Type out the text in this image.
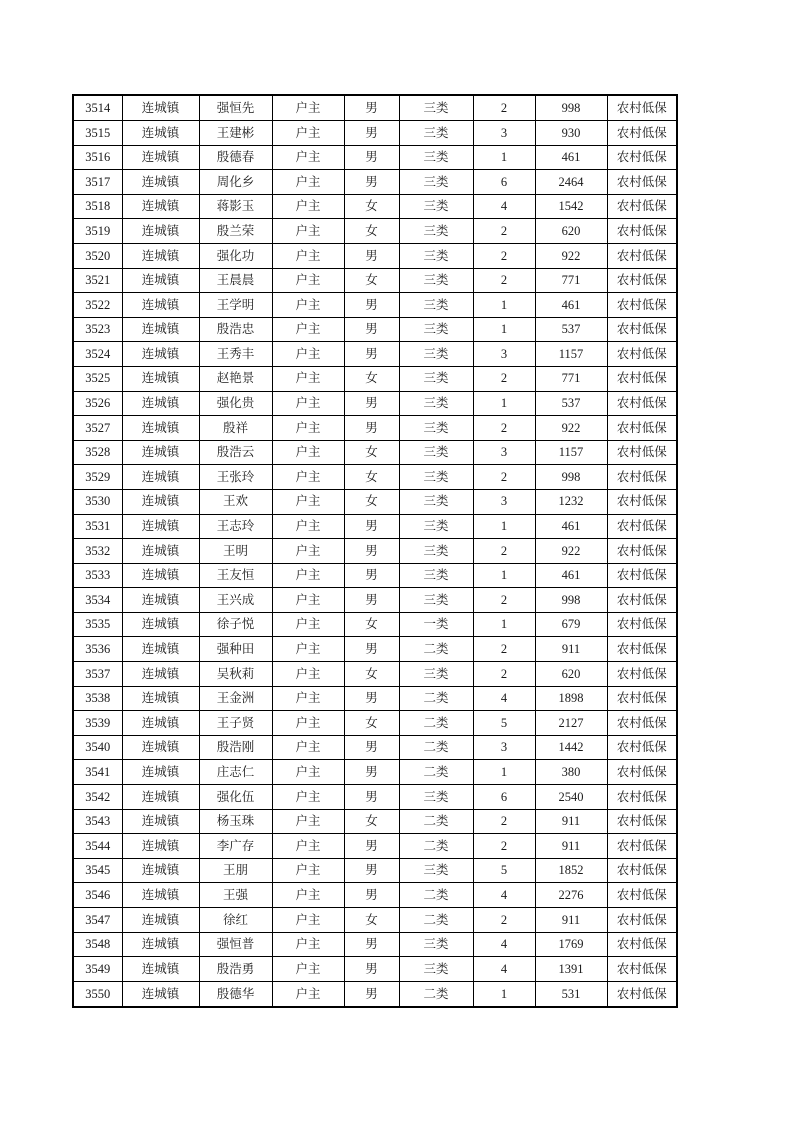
3514	连城镇	强恒先	户主	男	三类	2	998	农村低保
3515	连城镇	王建彬	户主	男	三类	3	930	农村低保
3516	连城镇	殷德春	户主	男	三类	1	461	农村低保
3517	连城镇	周化乡	户主	男	三类	6	2464	农村低保
3518	连城镇	蒋影玉	户主	女	三类	4	1542	农村低保
3519	连城镇	殷兰荣	户主	女	三类	2	620	农村低保
3520	连城镇	强化功	户主	男	三类	2	922	农村低保
3521	连城镇	王晨晨	户主	女	三类	2	771	农村低保
3522	连城镇	王学明	户主	男	三类	1	461	农村低保
3523	连城镇	殷浩忠	户主	男	三类	1	537	农村低保
3524	连城镇	王秀丰	户主	男	三类	3	1157	农村低保
3525	连城镇	赵艳景	户主	女	三类	2	771	农村低保
3526	连城镇	强化贵	户主	男	三类	1	537	农村低保
3527	连城镇	殷祥	户主	男	三类	2	922	农村低保
3528	连城镇	殷浩云	户主	女	三类	3	1157	农村低保
3529	连城镇	王张玲	户主	女	三类	2	998	农村低保
3530	连城镇	王欢	户主	女	三类	3	1232	农村低保
3531	连城镇	王志玲	户主	男	三类	1	461	农村低保
3532	连城镇	王明	户主	男	三类	2	922	农村低保
3533	连城镇	王友恒	户主	男	三类	1	461	农村低保
3534	连城镇	王兴成	户主	男	三类	2	998	农村低保
3535	连城镇	徐子悦	户主	女	一类	1	679	农村低保
3536	连城镇	强种田	户主	男	二类	2	911	农村低保
3537	连城镇	吴秋莉	户主	女	三类	2	620	农村低保
3538	连城镇	王金洲	户主	男	二类	4	1898	农村低保
3539	连城镇	王子贤	户主	女	二类	5	2127	农村低保
3540	连城镇	殷浩刚	户主	男	二类	3	1442	农村低保
3541	连城镇	庄志仁	户主	男	二类	1	380	农村低保
3542	连城镇	强化伍	户主	男	三类	6	2540	农村低保
3543	连城镇	杨玉珠	户主	女	二类	2	911	农村低保
3544	连城镇	李广存	户主	男	二类	2	911	农村低保
3545	连城镇	王朋	户主	男	三类	5	1852	农村低保
3546	连城镇	王强	户主	男	二类	4	2276	农村低保
3547	连城镇	徐红	户主	女	二类	2	911	农村低保
3548	连城镇	强恒普	户主	男	三类	4	1769	农村低保
3549	连城镇	殷浩勇	户主	男	三类	4	1391	农村低保
3550	连城镇	殷德华	户主	男	二类	1	531	农村低保
